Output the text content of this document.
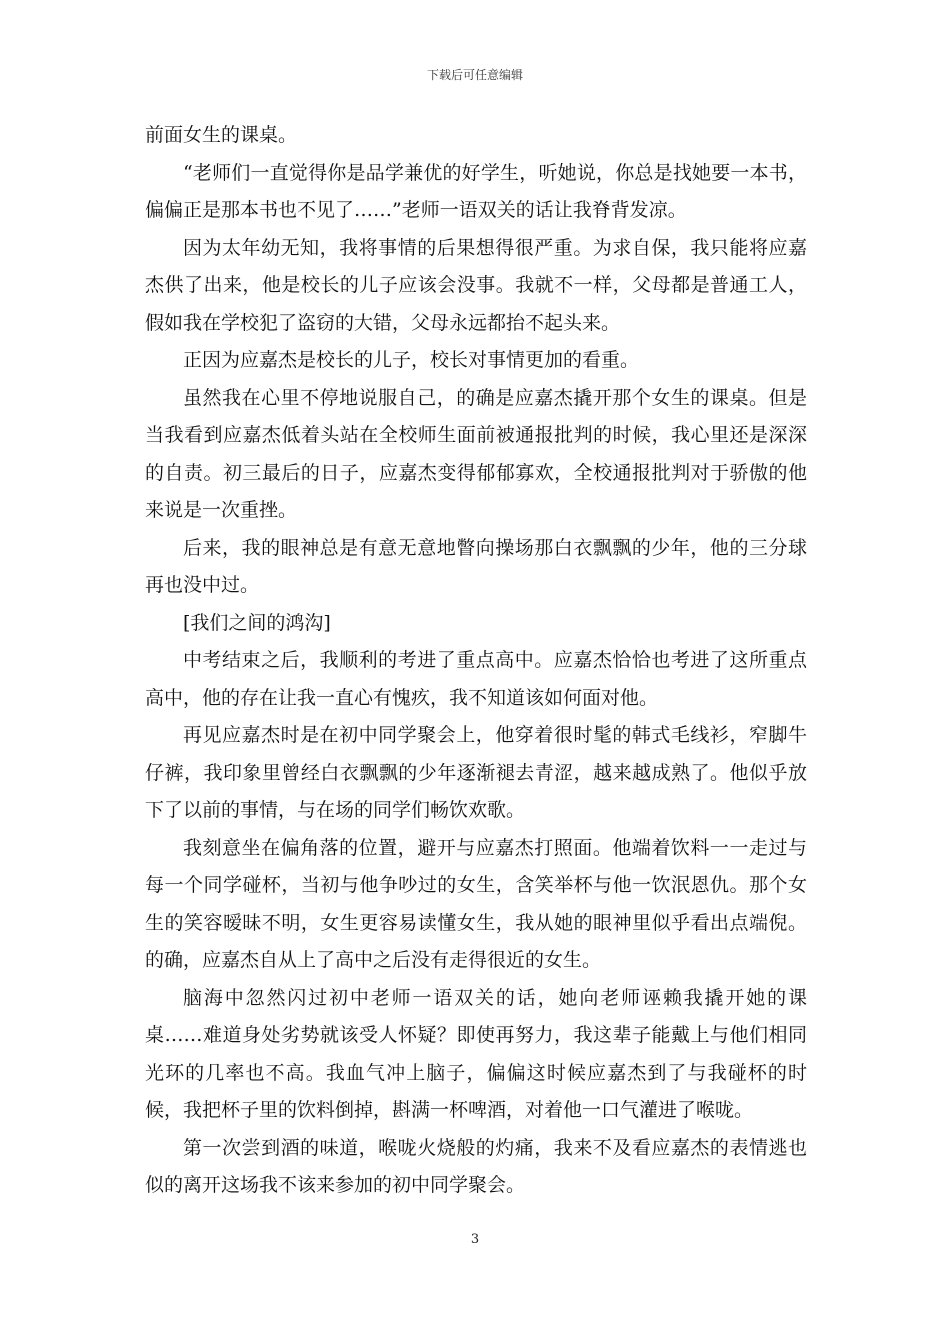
下载后可任意编辑

前面女生的课桌。

“老师们一直觉得你是品学兼优的好学生，听她说，你总是找她要一本书，偏偏正是那本书也不见了……”老师一语双关的话让我脊背发凉。

因为太年幼无知，我将事情的后果想得很严重。为求自保，我只能将应嘉杰供了出来，他是校长的儿子应该会没事。我就不一样，父母都是普通工人，假如我在学校犯了盗窃的大错，父母永远都抬不起头来。

正因为应嘉杰是校长的儿子，校长对事情更加的看重。

虽然我在心里不停地说服自己，的确是应嘉杰撬开那个女生的课桌。但是当我看到应嘉杰低着头站在全校师生面前被通报批判的时候，我心里还是深深的自责。初三最后的日子，应嘉杰变得郁郁寡欢，全校通报批判对于骄傲的他来说是一次重挫。

后来，我的眼神总是有意无意地瞥向操场那白衣飘飘的少年，他的三分球再也没中过。

[我们之间的鸿沟]

中考结束之后，我顺利的考进了重点高中。应嘉杰恰恰也考进了这所重点高中，他的存在让我一直心有愧疚，我不知道该如何面对他。

再见应嘉杰时是在初中同学聚会上，他穿着很时髦的韩式毛线衫，窄脚牛仔裤，我印象里曾经白衣飘飘的少年逐渐褪去青涩，越来越成熟了。他似乎放下了以前的事情，与在场的同学们畅饮欢歌。

我刻意坐在偏角落的位置，避开与应嘉杰打照面。他端着饮料一一走过与每一个同学碰杯，当初与他争吵过的女生，含笑举杯与他一饮泯恩仇。那个女生的笑容暧昧不明，女生更容易读懂女生，我从她的眼神里似乎看出点端倪。的确，应嘉杰自从上了高中之后没有走得很近的女生。

脑海中忽然闪过初中老师一语双关的话，她向老师诬赖我撬开她的课桌……难道身处劣势就该受人怀疑？即使再努力，我这辈子能戴上与他们相同光环的几率也不高。我血气冲上脑子，偏偏这时候应嘉杰到了与我碰杯的时候，我把杯子里的饮料倒掉，斟满一杯啤酒，对着他一口气灌进了喉咙。

第一次尝到酒的味道，喉咙火烧般的灼痛，我来不及看应嘉杰的表情逃也似的离开这场我不该来参加的初中同学聚会。

3
